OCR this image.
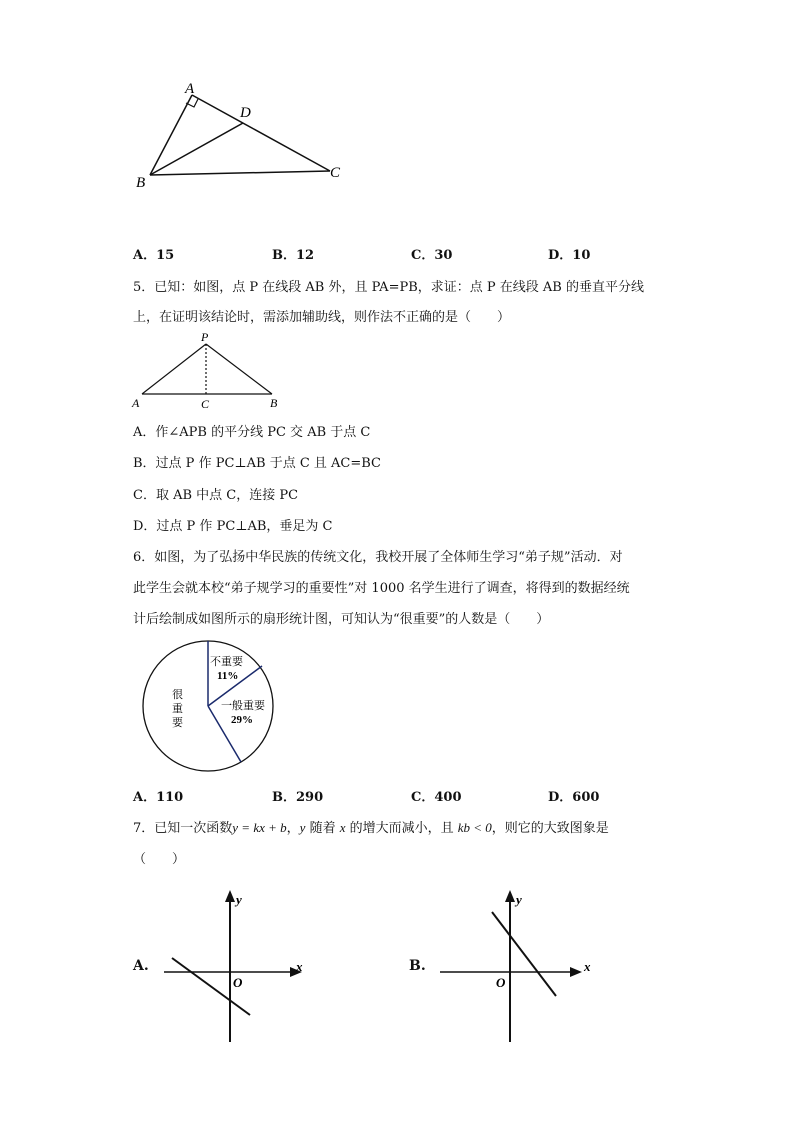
A
D
B
C
A．15	B．12	C．30	D．10
5．已知：如图，点 P 在线段 AB 外，且 PA=PB，求证：点 P 在线段 AB 的垂直平分线
上，在证明该结论时，需添加辅助线，则作法不正确的是（　　）
P
A	C	B
A．作∠APB 的平分线 PC 交 AB 于点 C
B．过点 P 作 PC⊥AB 于点 C 且 AC=BC
C．取 AB 中点 C，连接 PC
D．过点 P 作 PC⊥AB，垂足为 C
6．如图，为了弘扬中华民族的传统文化，我校开展了全体师生学习“弟子规”活动．对
此学生会就本校“弟子规学习的重要性”对 1000 名学生进行了调查，将得到的数据经统
计后绘制成如图所示的扇形统计图，可知认为“很重要”的人数是（　　）
不重要
11%
一般重要
29%
很
重
要
A．110	B．290	C．400	D．600
7．已知一次函数y = kx + b，y 随着 x 的增大而减小，且 kb < 0，则它的大致图象是
（　　）
A.
y
x
O
B.
y
x
O
